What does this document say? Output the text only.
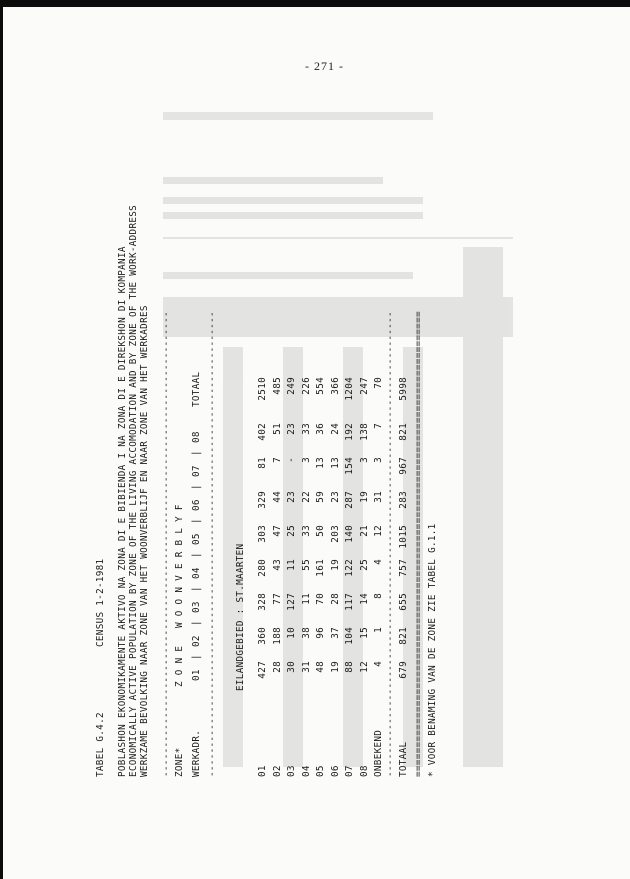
- 271 -
TABEL G.4.2
CENSUS 1-2-1981 POBLASHON EKONOMIKAMENTE AKTIVO NA ZONA DI E BIBIENDA I NA ZONA DI E DIREKSHON DI KOMPANIA ECONOMICALLY ACTIVE POPULATION BY ZONE OF THE LIVING ACCOMODATION AND BY ZONE OF THE WORK-ADDRESS WERKZAME BEVOLKING NAAR ZONE VAN HET WOONVERBLIJF EN NAAR ZONE VAN HET WERKADRES ------------------------------------------------------------------------------- ZONE*
Z O N E   W O O N V E R B L Y F
WERKADR.
01
|
02
|
03
|
04
|
05
|
06
|
07
|
08
TOTAAL ------------------------------------------------------------------------------- EILANDGEBIED : ST.MAARTEN
01
427
360
328
280
303
329
81
402
2510
02
28
188
77
43
47
44
7
51
485
03
30
10
127
11
25
23
-
23
249
04
31
38
11
55
33
22
3
33
226
05
48
96
70
161
50
59
13
36
554
06
19
37
28
19
203
23
13
24
366
07
88
104
117
122
140
287
154
192
1204
08
12
15
14
25
21
19
3
138
247
ONBEKEND
4
1
8
4
12
31
3
7
70 ------------------------------------------------------------------------------- TOTAAL
679
821
655
757
1015
283
967
821
5998 =============================================================================== * VOOR BENAMING VAN DE ZONE ZIE TABEL G.1.1
